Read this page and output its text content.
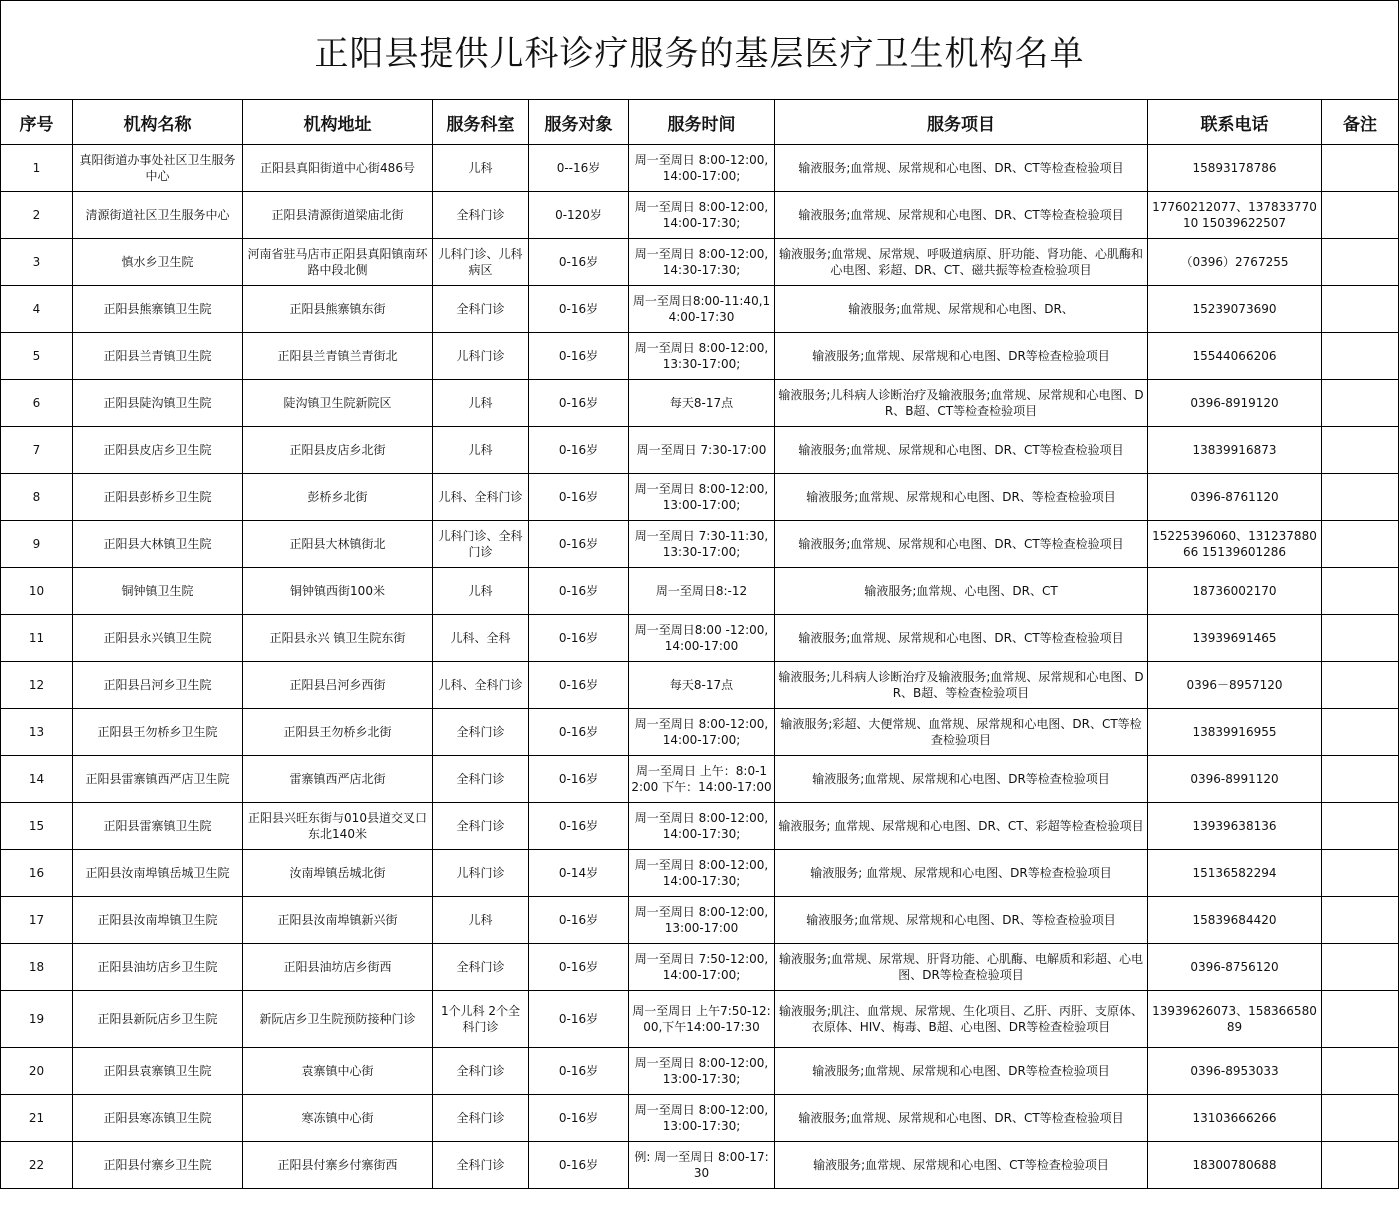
正阳县提供儿科诊疗服务的基层医疗卫生机构名单								
序号	机构名称	机构地址	服务科室	服务对象	服务时间	服务项目	联系电话	备注
1	真阳街道办事处社区卫生服务中心	正阳县真阳街道中心街486号	儿科	0--16岁	周一至周日 8:00-12:00,14:00-17:00;	输液服务;血常规、尿常规和心电图、DR、CT等检查检验项目	15893178786	
2	清源街道社区卫生服务中心	正阳县清源街道梁庙北街	全科门诊	0-120岁	周一至周日 8:00-12:00,14:00-17:30;	输液服务;血常规、尿常规和心电图、DR、CT等检查检验项目	17760212077、13783377010 15039622507	
3	慎水乡卫生院	河南省驻马店市正阳县真阳镇南环路中段北侧	儿科门诊、儿科病区	0-16岁	周一至周日 8:00-12:00,14:30-17:30;	输液服务;血常规、尿常规、呼吸道病原、肝功能、肾功能、心肌酶和心电图、彩超、DR、CT、磁共振等检查检验项目	（0396）2767255	
4	正阳县熊寨镇卫生院	正阳县熊寨镇东街	全科门诊	0-16岁	周一至周日8:00-11:40,14:00-17:30	输液服务;血常规、尿常规和心电图、DR、	15239073690	
5	正阳县兰青镇卫生院	正阳县兰青镇兰青街北	儿科门诊	0-16岁	周一至周日 8:00-12:00,13:30-17:00;	输液服务;血常规、尿常规和心电图、DR等检查检验项目	15544066206	
6	正阳县陡沟镇卫生院	陡沟镇卫生院新院区	儿科	0-16岁	每天8-17点	输液服务;儿科病人诊断治疗及输液服务;血常规、尿常规和心电图、DR、B超、CT等检查检验项目	0396-8919120	
7	正阳县皮店乡卫生院	正阳县皮店乡北街	儿科	0-16岁	周一至周日 7:30-17:00	输液服务;血常规、尿常规和心电图、DR、CT等检查检验项目	13839916873	
8	正阳县彭桥乡卫生院	彭桥乡北街	儿科、全科门诊	0-16岁	周一至周日 8:00-12:00,13:00-17:00;	输液服务;血常规、尿常规和心电图、DR、等检查检验项目	0396-8761120	
9	正阳县大林镇卫生院	正阳县大林镇街北	儿科门诊、全科门诊	0-16岁	周一至周日 7:30-11:30,13:30-17:00;	输液服务;血常规、尿常规和心电图、DR、CT等检查检验项目	15225396060、13123788066 15139601286	
10	铜钟镇卫生院	铜钟镇西街100米	儿科	0-16岁	周一至周日8:-12	输液服务;血常规、心电图、DR、CT	18736002170	
11	正阳县永兴镇卫生院	正阳县永兴 镇卫生院东街	儿科、全科	0-16岁	周一至周日8:00 -12:00,14:00-17:00	输液服务;血常规、尿常规和心电图、DR、CT等检查检验项目	13939691465	
12	正阳县吕河乡卫生院	正阳县吕河乡西街	儿科、全科门诊	0-16岁	每天8-17点	输液服务;儿科病人诊断治疗及输液服务;血常规、尿常规和心电图、DR、B超、等检查检验项目	0396－8957120	
13	正阳县王勿桥乡卫生院	正阳县王勿桥乡北街	全科门诊	0-16岁	周一至周日 8:00-12:00,14:00-17:00;	输液服务;彩超、大便常规、血常规、尿常规和心电图、DR、CT等检查检验项目	13839916955	
14	正阳县雷寨镇西严店卫生院	雷寨镇西严店北街	全科门诊	0-16岁	周一至周日 上午：8:0-12:00 下午：14:00-17:00	输液服务;血常规、尿常规和心电图、DR等检查检验项目	0396-8991120	
15	正阳县雷寨镇卫生院	正阳县兴旺东街与010县道交叉口东北140米	全科门诊	0-16岁	周一至周日 8:00-12:00,14:00-17:30;	输液服务; 血常规、尿常规和心电图、DR、CT、彩超等检查检验项目	13939638136	
16	正阳县汝南埠镇岳城卫生院	汝南埠镇岳城北街	儿科门诊	0-14岁	周一至周日 8:00-12:00,14:00-17:30;	输液服务; 血常规、尿常规和心电图、DR等检查检验项目	15136582294	
17	正阳县汝南埠镇卫生院	正阳县汝南埠镇新兴街	儿科	0-16岁	周一至周日 8:00-12:00,13:00-17:00	输液服务;血常规、尿常规和心电图、DR、等检查检验项目	15839684420	
18	正阳县油坊店乡卫生院	正阳县油坊店乡街西	全科门诊	0-16岁	周一至周日 7:50-12:00,14:00-17:00;	输液服务;血常规、尿常规、肝肾功能、心肌酶、电解质和彩超、心电图、DR等检查检验项目	0396-8756120	
19	正阳县新阮店乡卫生院	新阮店乡卫生院预防接种门诊	1个儿科 2个全科门诊	0-16岁	周一至周日 上午7:50-12:00,下午14:00-17:30	输液服务;肌注、血常规、尿常规、生化项目、乙肝、丙肝、支原体、衣原体、HIV、梅毒、B超、心电图、DR等检查检验项目	13939626073、15836658089	
20	正阳县袁寨镇卫生院	袁寨镇中心街	全科门诊	0-16岁	周一至周日 8:00-12:00,13:00-17:30;	输液服务;血常规、尿常规和心电图、DR等检查检验项目	0396-8953033	
21	正阳县寒冻镇卫生院	寒冻镇中心街	全科门诊	0-16岁	周一至周日 8:00-12:00,13:00-17:30;	输液服务;血常规、尿常规和心电图、DR、CT等检查检验项目	13103666266	
22	正阳县付寨乡卫生院	正阳县付寨乡付寨街西	全科门诊	0-16岁	例: 周一至周日 8:00-17:30	输液服务;血常规、尿常规和心电图、CT等检查检验项目	18300780688	
